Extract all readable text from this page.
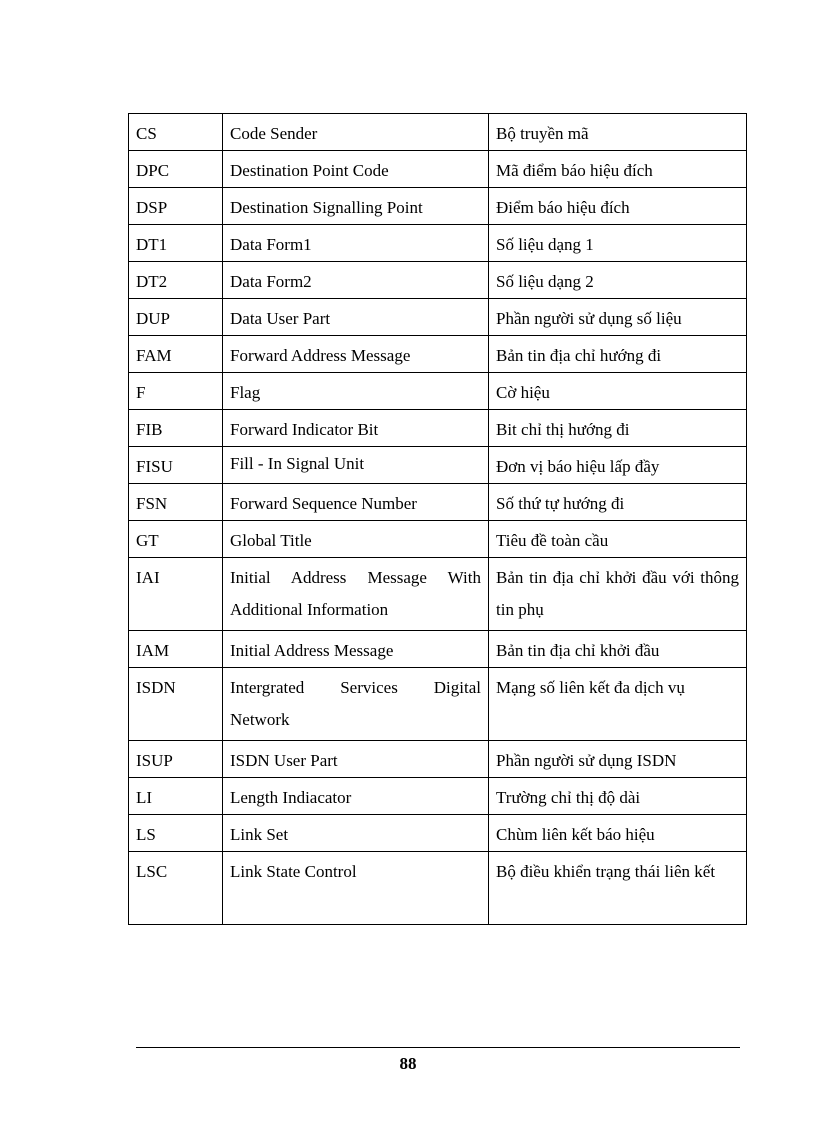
CS	Code Sender	Bộ truyền mã

DPC	Destination Point Code	Mã điểm báo hiệu đích

DSP	Destination Signalling Point	Điểm báo hiệu đích

DT1	Data Form1	Số liệu dạng 1

DT2	Data Form2	Số liệu dạng 2

DUP	Data User Part	Phần người sử dụng số liệu

FAM	Forward Address Message	Bản tin địa chỉ hướng đi

F	Flag	Cờ hiệu

FIB	Forward Indicator Bit	Bit chỉ thị hướng đi

FISU	Fill - In Signal Unit	Đơn vị báo hiệu lấp đầy

FSN	Forward Sequence Number	Số thứ tự hướng đi

GT	Global Title	Tiêu đề toàn cầu

IAI	Initial Address Message With Additional Information	Bản tin địa chỉ khởi đầu với thông tin phụ

IAM	Initial Address Message	Bản tin địa chỉ khởi đầu

ISDN	Intergrated Services Digital Network	Mạng số liên kết đa dịch vụ

ISUP	ISDN User Part	Phần người sử dụng ISDN

LI	Length Indiacator	Trường chỉ thị độ dài

LS	Link Set	Chùm liên kết báo hiệu

LSC	Link State Control	Bộ điều khiển trạng thái liên kết
88
